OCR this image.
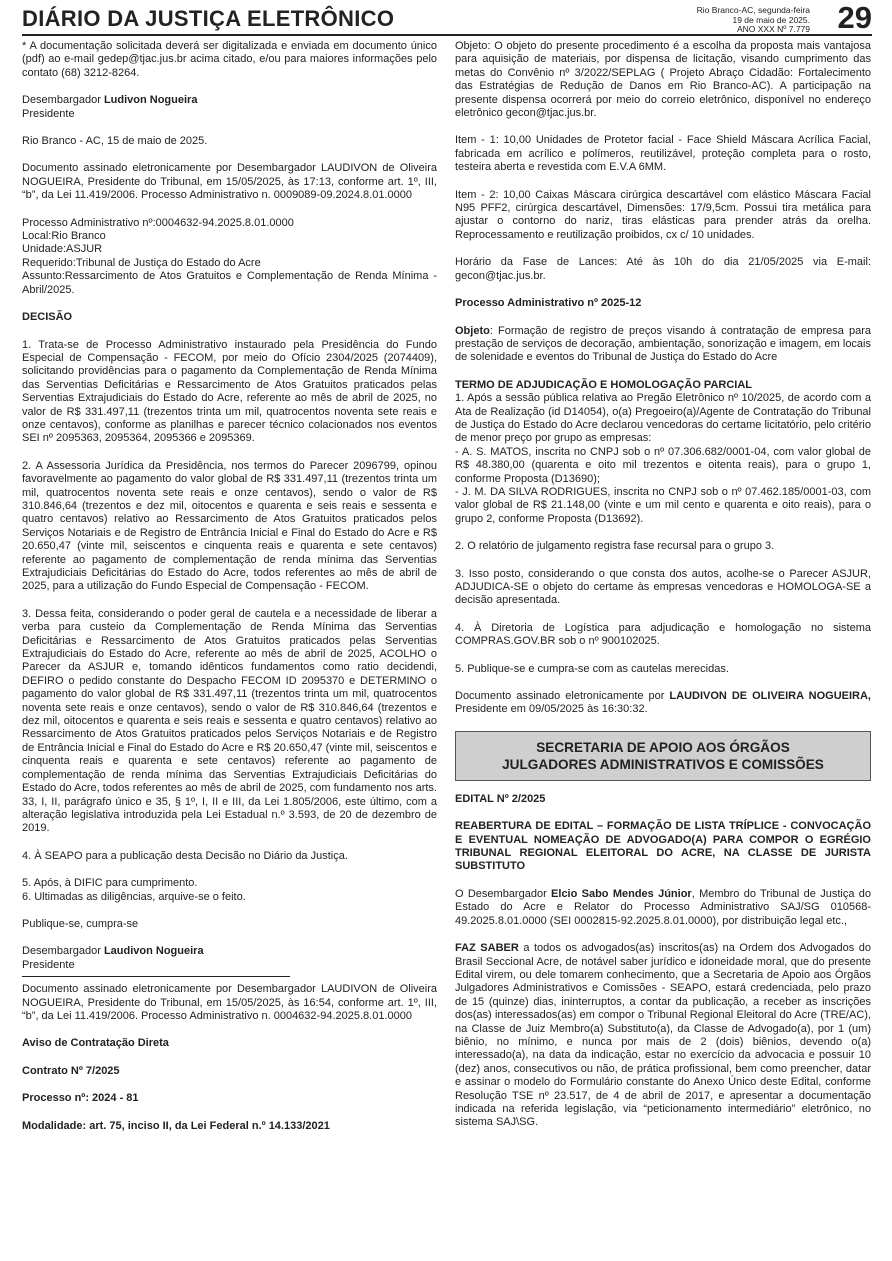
DIÁRIO DA JUSTIÇA ELETRÔNICO	Rio Branco-AC, segunda-feira
19 de maio de 2025.
ANO XXX Nº 7.779 29

* A documentação solicitada deverá ser digitalizada e enviada em documento único (pdf) ao e-mail gedep@tjac.jus.br acima citado, e/ou para maiores informações pelo contato (68) 3212-8264.

Desembargador Ludivon Nogueira
Presidente

Rio Branco - AC, 15 de maio de 2025.

Documento assinado eletronicamente por Desembargador LAUDIVON de Oliveira NOGUEIRA, Presidente do Tribunal, em 15/05/2025, às 17:13, conforme art. 1º, III, “b”, da Lei 11.419/2006. Processo Administrativo n. 0009089-09.2024.8.01.0000

Processo Administrativo nº:0004632-94.2025.8.01.0000
Local:Rio Branco
Unidade:ASJUR
Requerido:Tribunal de Justiça do Estado do Acre
Assunto:Ressarcimento de Atos Gratuitos e Complementação de Renda Mínima - Abril/2025.

DECISÃO

1. Trata-se de Processo Administrativo instaurado pela Presidência do Fundo Especial de Compensação - FECOM, por meio do Ofício 2304/2025 (2074409), solicitando providências para o pagamento da Complementação de Renda Mínima das Serventias Deficitárias e Ressarcimento de Atos Gratuitos praticados pelas Serventias Extrajudiciais do Estado do Acre, referente ao mês de abril de 2025, no valor de R$ 331.497,11 (trezentos trinta um mil, quatrocentos noventa sete reais e onze centavos), conforme as planilhas e parecer técnico colacionados nos eventos SEI nº 2095363, 2095364, 2095366 e 2095369.

2. A Assessoria Jurídica da Presidência, nos termos do Parecer 2096799, opinou favoravelmente ao pagamento do valor global de R$ 331.497,11 (trezentos trinta um mil, quatrocentos noventa sete reais e onze centavos), sendo o valor de R$ 310.846,64 (trezentos e dez mil, oitocentos e quarenta e seis reais e sessenta e quatro centavos) relativo ao Ressarcimento de Atos Gratuitos praticados pelos Serviços Notariais e de Registro de Entrância Inicial e Final do Estado do Acre e R$ 20.650,47 (vinte mil, seiscentos e cinquenta reais e quarenta e sete centavos) referente ao pagamento de complementação de renda mínima das Serventias Extrajudiciais Deficitárias do Estado do Acre, todos referentes ao mês de abril de 2025, para a utilização do Fundo Especial de Compensação - FECOM.

3. Dessa feita, considerando o poder geral de cautela e a necessidade de liberar a verba para custeio da Complementação de Renda Mínima das Serventias Deficitárias e Ressarcimento de Atos Gratuitos praticados pelas Serventias Extrajudiciais do Estado do Acre, referente ao mês de abril de 2025, ACOLHO o Parecer da ASJUR e, tomando idênticos fundamentos como ratio decidendi, DEFIRO o pedido constante do Despacho FECOM ID 2095370 e DETERMINO o pagamento do valor global de R$ 331.497,11 (trezentos trinta um mil, quatrocentos noventa sete reais e onze centavos), sendo o valor de R$ 310.846,64 (trezentos e dez mil, oitocentos e quarenta e seis reais e sessenta e quatro centavos) relativo ao Ressarcimento de Atos Gratuitos praticados pelos Serviços Notariais e de Registro de Entrância Inicial e Final do Estado do Acre e R$ 20.650,47 (vinte mil, seiscentos e cinquenta reais e quarenta e sete centavos) referente ao pagamento de complementação de renda mínima das Serventias Extrajudiciais Deficitárias do Estado do Acre, todos referentes ao mês de abril de 2025, com fundamento nos arts. 33, I, II, parágrafo único e 35, § 1º, I, II e III, da Lei 1.805/2006, este último, com a alteração legislativa introduzida pela Lei Estadual n.º 3.593, de 20 de dezembro de 2019.

4. À SEAPO para a publicação desta Decisão no Diário da Justiça.

5. Após, à DIFIC para cumprimento.
6. Ultimadas as diligências, arquive-se o feito.

Publique-se, cumpra-se

Desembargador Laudivon Nogueira
Presidente

Documento assinado eletronicamente por Desembargador LAUDIVON de Oliveira NOGUEIRA, Presidente do Tribunal, em 15/05/2025, às 16:54, conforme art. 1º, III, “b”, da Lei 11.419/2006. Processo Administrativo n. 0004632-94.2025.8.01.0000

Aviso de Contratação Direta

Contrato Nº 7/2025

Processo nº: 2024 - 81

Modalidade: art. 75, inciso II, da Lei Federal n.º 14.133/2021

Objeto: O objeto do presente procedimento é a escolha da proposta mais vantajosa para aquisição de materiais, por dispensa de licitação, visando cumprimento das metas do Convênio nº 3/2022/SEPLAG ( Projeto Abraço Cidadão: Fortalecimento das Estratégias de Redução de Danos em Rio Branco-AC). A participação na presente dispensa ocorrerá por meio do correio eletrônico, disponível no endereço eletrônico gecon@tjac.jus.br.

Item - 1: 10,00 Unidades de Protetor facial - Face Shield Máscara Acrílica Facial, fabricada em acrílico e polímeros, reutilizável, proteção completa para o rosto, testeira aberta e revestida com E.V.A 6MM.

Item - 2: 10,00 Caixas Máscara cirúrgica descartável com elástico Máscara Facial N95 PFF2, cirúrgica descartável, Dimensões: 17/9,5cm. Possui tira metálica para ajustar o contorno do nariz, tiras elásticas para prender atrás da orelha. Reprocessamento e reutilização proibidos, cx c/ 10 unidades.

Horário da Fase de Lances: Até às 10h do dia 21/05/2025 via E-mail: gecon@tjac.jus.br.

Processo Administrativo nº 2025-12

Objeto: Formação de registro de preços visando à contratação de empresa para prestação de serviços de decoração, ambientação, sonorização e imagem, em locais de solenidade e eventos do Tribunal de Justiça do Estado do Acre

TERMO DE ADJUDICAÇÃO E HOMOLOGAÇÃO PARCIAL
1. Após a sessão pública relativa ao Pregão Eletrônico nº 10/2025, de acordo com a Ata de Realização (id D14054), o(a) Pregoeiro(a)/Agente de Contratação do Tribunal de Justiça do Estado do Acre declarou vencedoras do certame licitatório, pelo critério de menor preço por grupo as empresas:
- A. S. MATOS, inscrita no CNPJ sob o nº 07.306.682/0001-04, com valor global de R$ 48.380,00 (quarenta e oito mil trezentos e oitenta reais), para o grupo 1, conforme Proposta (D13690);
- J. M. DA SILVA RODRIGUES, inscrita no CNPJ sob o nº 07.462.185/0001-03, com valor global de R$ 21.148,00 (vinte e um mil cento e quarenta e oito reais), para o grupo 2, conforme Proposta (D13692).

2. O relatório de julgamento registra fase recursal para o grupo 3.

3. Isso posto, considerando o que consta dos autos, acolhe-se o Parecer ASJUR, ADJUDICA-SE o objeto do certame às empresas vencedoras e HOMOLOGA-SE a decisão apresentada.

4. À Diretoria de Logística para adjudicação e homologação no sistema COMPRAS.GOV.BR sob o nº 900102025.

5. Publique-se e cumpra-se com as cautelas merecidas.

Documento assinado eletronicamente por LAUDIVON DE OLIVEIRA NOGUEIRA, Presidente em 09/05/2025 às 16:30:32.

SECRETARIA DE APOIO AOS ÓRGÃOS
JULGADORES ADMINISTRATIVOS E COMISSÕES

EDITAL Nº 2/2025

REABERTURA DE EDITAL – FORMAÇÃO DE LISTA TRÍPLICE - CONVOCAÇÃO E EVENTUAL NOMEAÇÃO DE ADVOGADO(A) PARA COMPOR O EGRÉGIO TRIBUNAL REGIONAL ELEITORAL DO ACRE, NA CLASSE DE JURISTA SUBSTITUTO

O Desembargador Elcio Sabo Mendes Júnior, Membro do Tribunal de Justiça do Estado do Acre e Relator do Processo Administrativo SAJ/SG 010568-49.2025.8.01.0000 (SEI 0002815-92.2025.8.01.0000), por distribuição legal etc.,

FAZ SABER a todos os advogados(as) inscritos(as) na Ordem dos Advogados do Brasil Seccional Acre, de notável saber jurídico e idoneidade moral, que do presente Edital virem, ou dele tomarem conhecimento, que a Secretaria de Apoio aos Órgãos Julgadores Administrativos e Comissões - SEAPO, estará credenciada, pelo prazo de 15 (quinze) dias, ininterruptos, a contar da publicação, a receber as inscrições dos(as) interessados(as) em compor o Tribunal Regional Eleitoral do Acre (TRE/AC), na Classe de Juiz Membro(a) Substituto(a), da Classe de Advogado(a), por 1 (um) biênio, no mínimo, e nunca por mais de 2 (dois) biênios, devendo o(a) interessado(a), na data da indicação, estar no exercício da advocacia e possuir 10 (dez) anos, consecutivos ou não, de prática profissional, bem como preencher, datar e assinar o modelo do Formulário constante do Anexo Único deste Edital, conforme Resolução TSE nº 23.517, de 4 de abril de 2017, e apresentar a documentação indicada na referida legislação, via “peticionamento intermediário” eletrônico, no sistema SAJ\SG.
